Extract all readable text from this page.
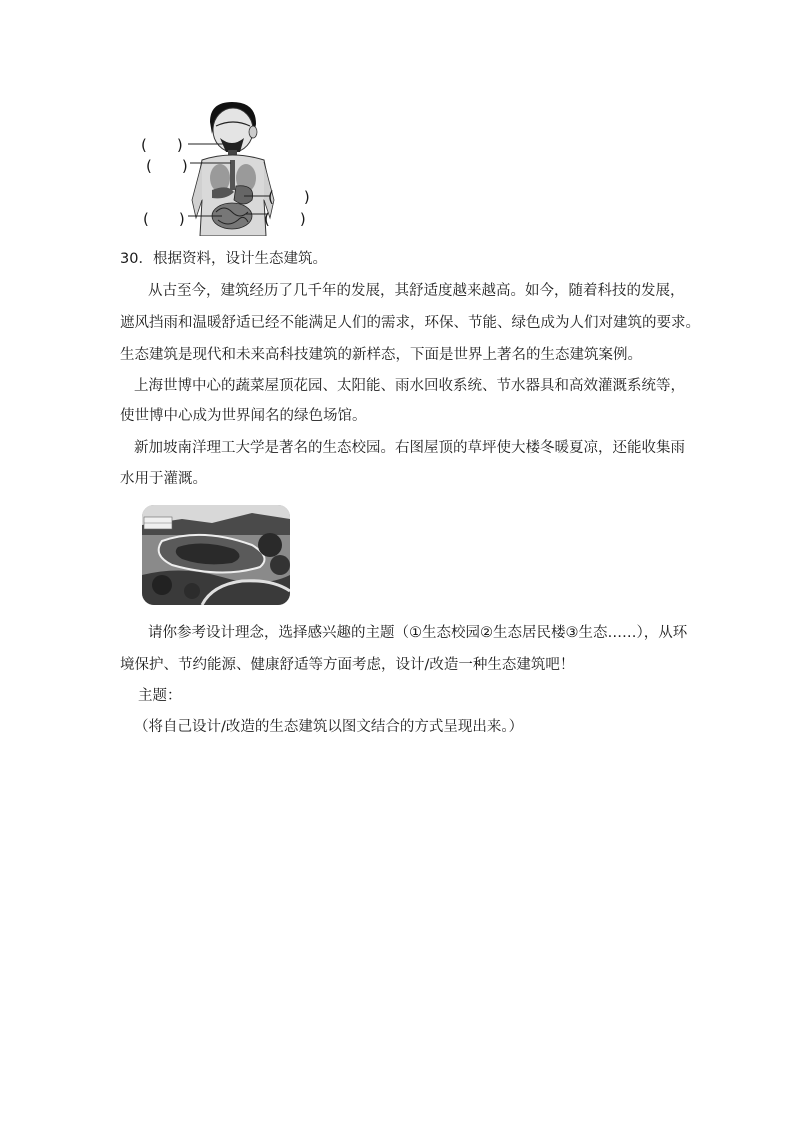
(　　)
(　　)
(　　)
(　　)	(　　)
30．根据资料，设计生态建筑。
从古至今，建筑经历了几千年的发展，其舒适度越来越高。如今，随着科技的发展，
遮风挡雨和温暖舒适已经不能满足人们的需求，环保、节能、绿色成为人们对建筑的要求。
生态建筑是现代和未来高科技建筑的新样态，下面是世界上著名的生态建筑案例。
上海世博中心的蔬菜屋顶花园、太阳能、雨水回收系统、节水器具和高效灌溉系统等，
使世博中心成为世界闻名的绿色场馆。
新加坡南洋理工大学是著名的生态校园。右图屋顶的草坪使大楼冬暖夏凉，还能收集雨
水用于灌溉。
请你参考设计理念，选择感兴趣的主题（①生态校园②生态居民楼③生态……），从环
境保护、节约能源、健康舒适等方面考虑，设计/改造一种生态建筑吧！
主题：
（将自己设计/改造的生态建筑以图文结合的方式呈现出来。）
